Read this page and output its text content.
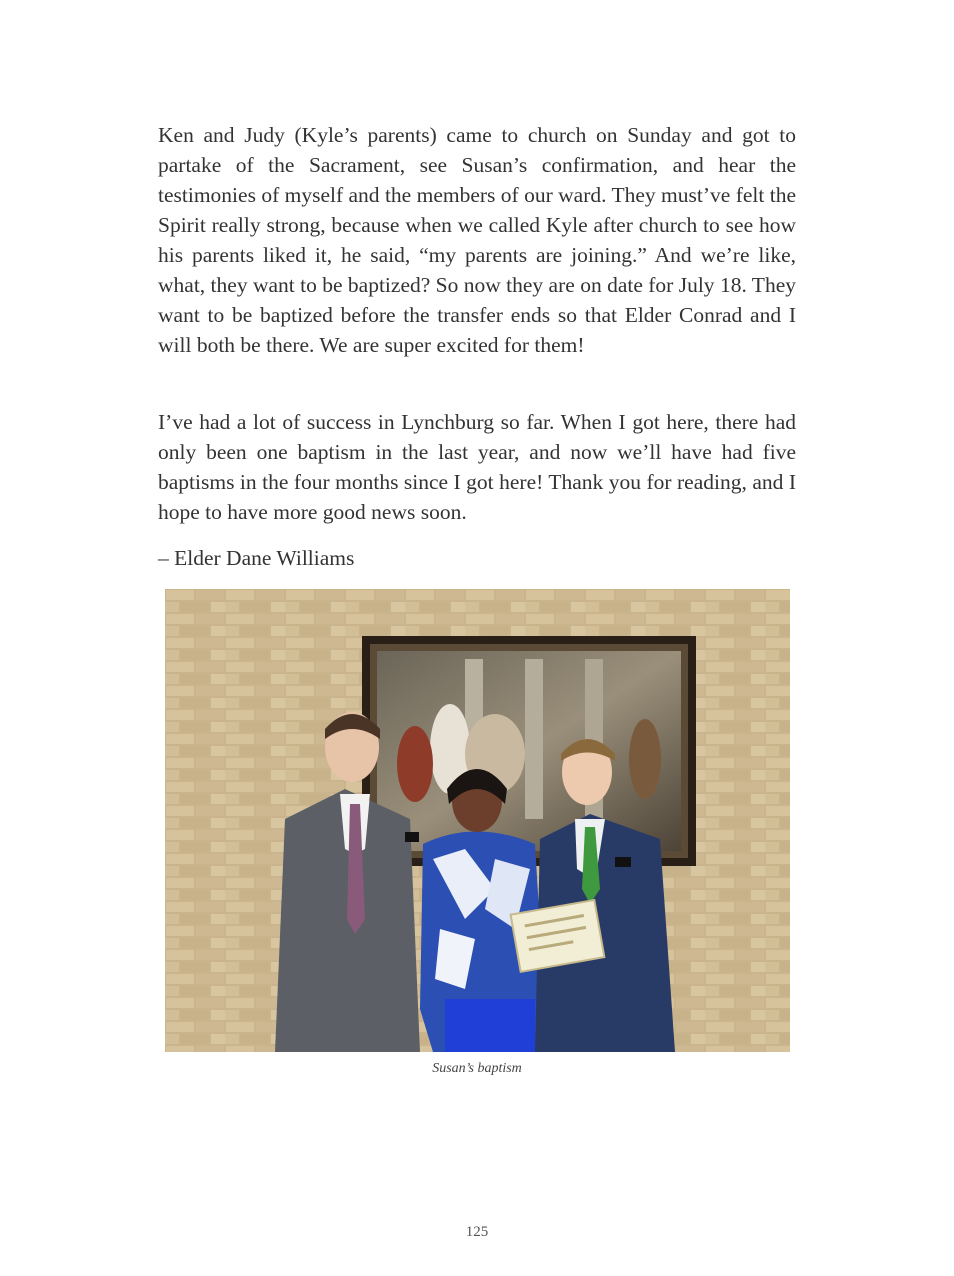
Ken and Judy (Kyle’s parents) came to church on Sunday and got to partake of the Sacrament, see Susan’s confirmation, and hear the testimonies of myself and the members of our ward. They must’ve felt the Spirit really strong, because when we called Kyle after church to see how his parents liked it, he said, “my parents are joining.” And we’re like, what, they want to be baptized? So now they are on date for July 18. They want to be baptized before the transfer ends so that Elder Conrad and I will both be there. We are super excited for them!

I’ve had a lot of success in Lynchburg so far. When I got here, there had only been one baptism in the last year, and now we’ll have had five baptisms in the four months since I got here! Thank you for reading, and I hope to have more good news soon.

– Elder Dane Williams

Susan’s baptism
125
